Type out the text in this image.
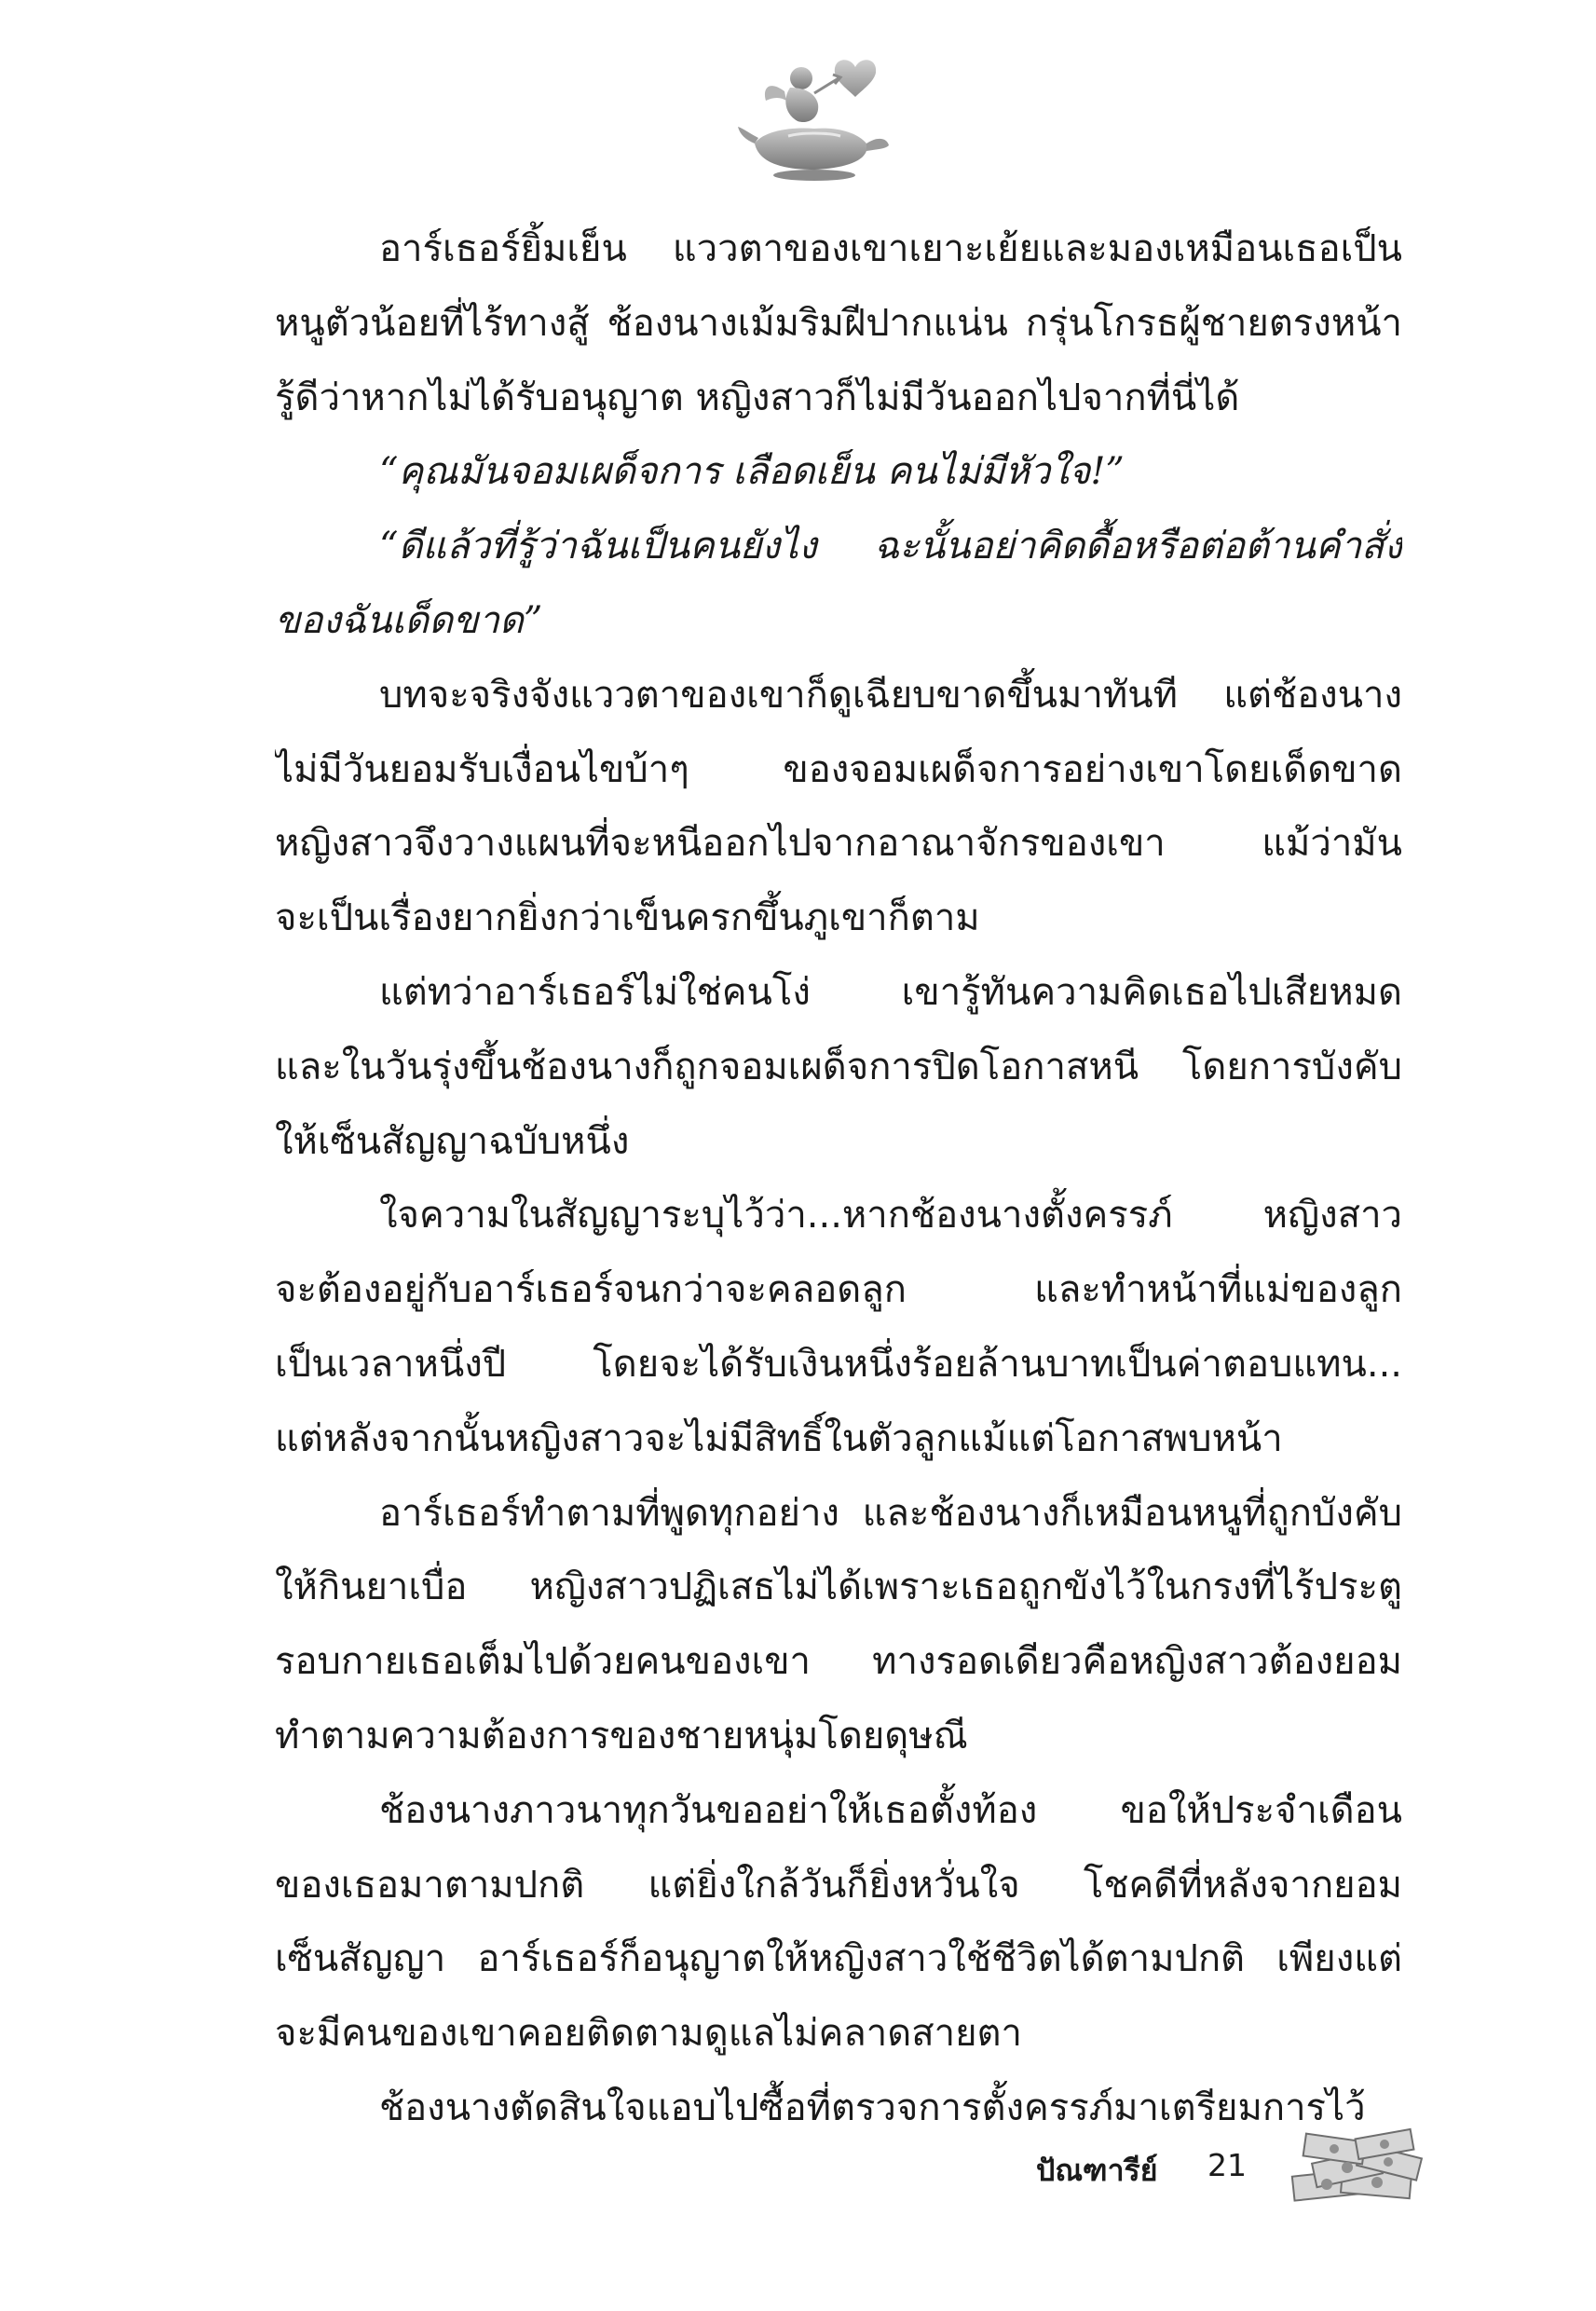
อาร์เธอร์ยิ้มเย็น แววตาของเขาเยาะเย้ยและมองเหมือนเธอเป็น
หนูตัวน้อยที่ไร้ทางสู้ ช้องนางเม้มริมฝีปากแน่น กรุ่นโกรธผู้ชายตรงหน้า
รู้ดีว่าหากไม่ได้รับอนุญาต หญิงสาวก็ไม่มีวันออกไปจากที่นี่ได้
“คุณมันจอมเผด็จการ เลือดเย็น คนไม่มีหัวใจ!”
“ดีแล้วที่รู้ว่าฉันเป็นคนยังไง ฉะนั้นอย่าคิดดื้อหรือต่อต้านคำสั่ง
ของฉันเด็ดขาด”
บทจะจริงจังแววตาของเขาก็ดูเฉียบขาดขึ้นมาทันที แต่ช้องนาง
ไม่มีวันยอมรับเงื่อนไขบ้าๆ ของจอมเผด็จการอย่างเขาโดยเด็ดขาด
หญิงสาวจึงวางแผนที่จะหนีออกไปจากอาณาจักรของเขา แม้ว่ามัน
จะเป็นเรื่องยากยิ่งกว่าเข็นครกขึ้นภูเขาก็ตาม
แต่ทว่าอาร์เธอร์ไม่ใช่คนโง่ เขารู้ทันความคิดเธอไปเสียหมด
และในวันรุ่งขึ้นช้องนางก็ถูกจอมเผด็จการปิดโอกาสหนี โดยการบังคับ
ให้เซ็นสัญญาฉบับหนึ่ง
ใจความในสัญญาระบุไว้ว่า...หากช้องนางตั้งครรภ์ หญิงสาว
จะต้องอยู่กับอาร์เธอร์จนกว่าจะคลอดลูก และทำหน้าที่แม่ของลูก
เป็นเวลาหนึ่งปี โดยจะได้รับเงินหนึ่งร้อยล้านบาทเป็นค่าตอบแทน...
แต่หลังจากนั้นหญิงสาวจะไม่มีสิทธิ์ในตัวลูกแม้แต่โอกาสพบหน้า
อาร์เธอร์ทำตามที่พูดทุกอย่าง และช้องนางก็เหมือนหนูที่ถูกบังคับ
ให้กินยาเบื่อ หญิงสาวปฏิเสธไม่ได้เพราะเธอถูกขังไว้ในกรงที่ไร้ประตู
รอบกายเธอเต็มไปด้วยคนของเขา ทางรอดเดียวคือหญิงสาวต้องยอม
ทำตามความต้องการของชายหนุ่มโดยดุษณี
ช้องนางภาวนาทุกวันขออย่าให้เธอตั้งท้อง ขอให้ประจำเดือน
ของเธอมาตามปกติ แต่ยิ่งใกล้วันก็ยิ่งหวั่นใจ โชคดีที่หลังจากยอม
เซ็นสัญญา อาร์เธอร์ก็อนุญาตให้หญิงสาวใช้ชีวิตได้ตามปกติ เพียงแต่
จะมีคนของเขาคอยติดตามดูแลไม่คลาดสายตา
ช้องนางตัดสินใจแอบไปซื้อที่ตรวจการตั้งครรภ์มาเตรียมการไว้
ปัณฑารีย์ 21
